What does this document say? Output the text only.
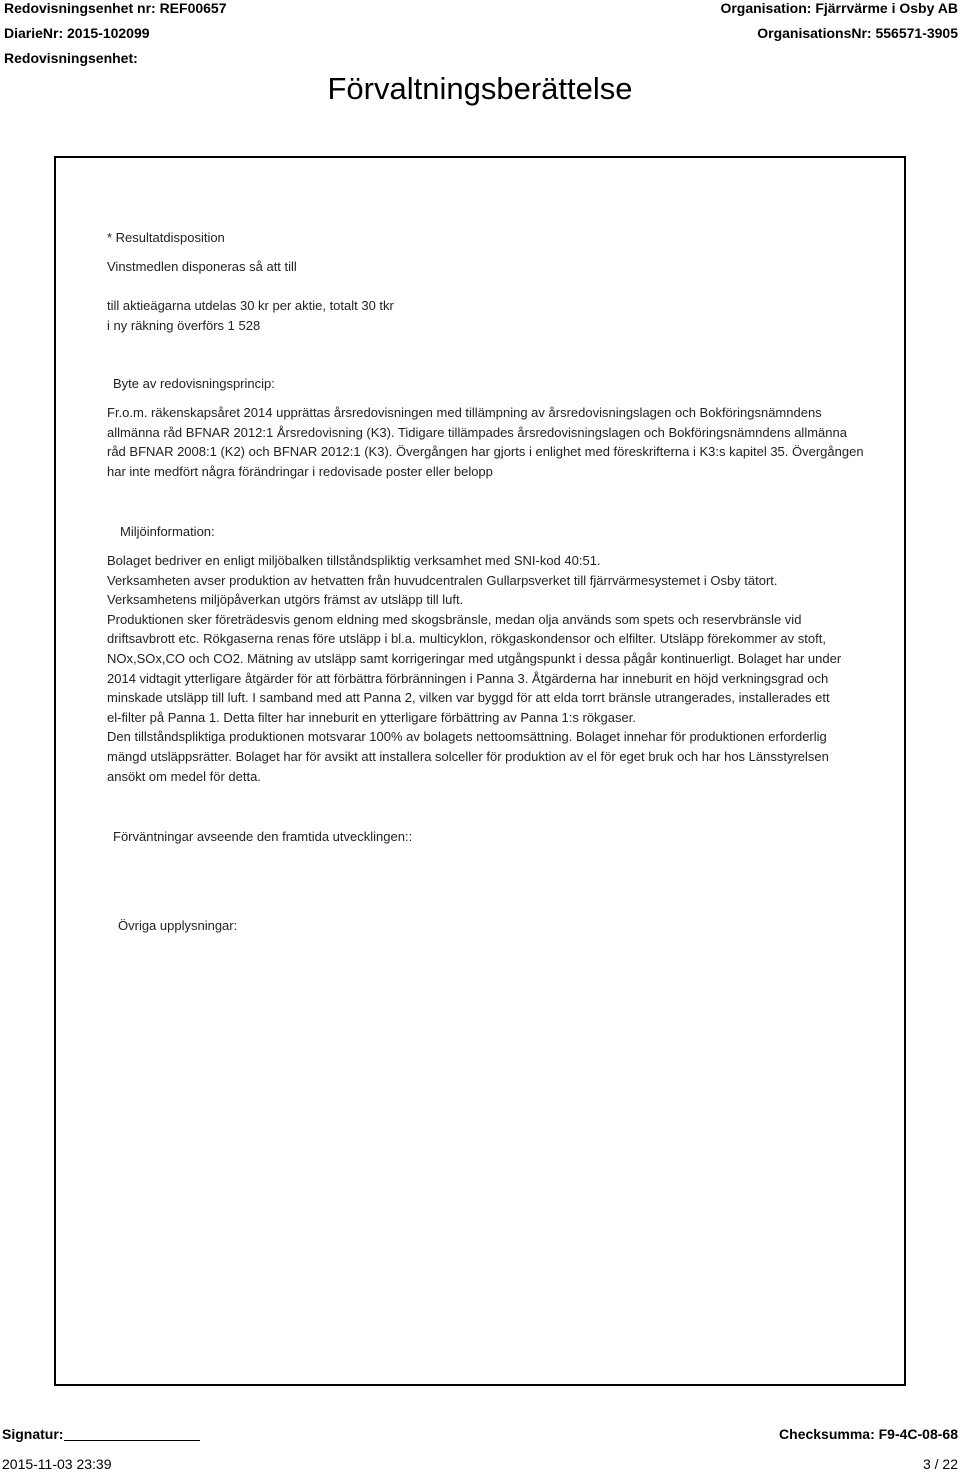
Redovisningsenhet nr: REF00657
DiarieNr: 2015-102099
Redovisningsenhet:
Organisation: Fjärrvärme i Osby AB
OrganisationsNr: 556571-3905
Förvaltningsberättelse
* Resultatdisposition
Vinstmedlen disponeras så att till
till aktieägarna utdelas 30 kr per aktie, totalt 30 tkr
i ny räkning överförs 1 528
Byte av redovisningsprincip:
Fr.o.m. räkenskapsåret 2014 upprättas årsredovisningen med tillämpning av årsredovisningslagen och Bokföringsnämndens
allmänna råd BFNAR 2012:1 Årsredovisning (K3). Tidigare tillämpades årsredovisningslagen och Bokföringsnämndens allmänna
råd BFNAR 2008:1 (K2) och BFNAR 2012:1 (K3). Övergången har gjorts i enlighet med föreskrifterna i K3:s kapitel 35. Övergången
har inte medfört några förändringar i redovisade poster eller belopp
Miljöinformation:
Bolaget bedriver en enligt miljöbalken tillståndspliktig verksamhet med SNI-kod 40:51.
Verksamheten avser produktion av hetvatten från huvudcentralen Gullarpsverket till fjärrvärmesystemet i Osby tätort.
Verksamhetens miljöpåverkan utgörs främst av utsläpp till luft.
Produktionen sker företrädesvis genom eldning med skogsbränsle, medan olja används som spets och reservbränsle vid
driftsavbrott etc. Rökgaserna renas före utsläpp i bl.a. multicyklon, rökgaskondensor och elfilter. Utsläpp förekommer av stoft,
NOx,SOx,CO och CO2. Mätning av utsläpp samt korrigeringar med utgångspunkt i dessa pågår kontinuerligt. Bolaget har under
2014 vidtagit ytterligare åtgärder för att förbättra förbränningen i Panna 3. Åtgärderna har inneburit en höjd verkningsgrad och
minskade utsläpp till luft. I samband med att Panna 2, vilken var byggd för att elda torrt bränsle utrangerades, installerades ett
el-filter på Panna 1. Detta filter har inneburit en ytterligare förbättring av Panna 1:s rökgaser.
Den tillståndspliktiga produktionen motsvarar 100% av bolagets nettoomsättning. Bolaget innehar för produktionen erforderlig
mängd utsläppsrätter. Bolaget har för avsikt att installera solceller för produktion av el för eget bruk och har hos Länsstyrelsen
ansökt om medel för detta.
Förväntningar avseende den framtida utvecklingen::
Övriga upplysningar:
Signatur:	Checksumma: F9-4C-08-68
2015-11-03 23:39	3 / 22
